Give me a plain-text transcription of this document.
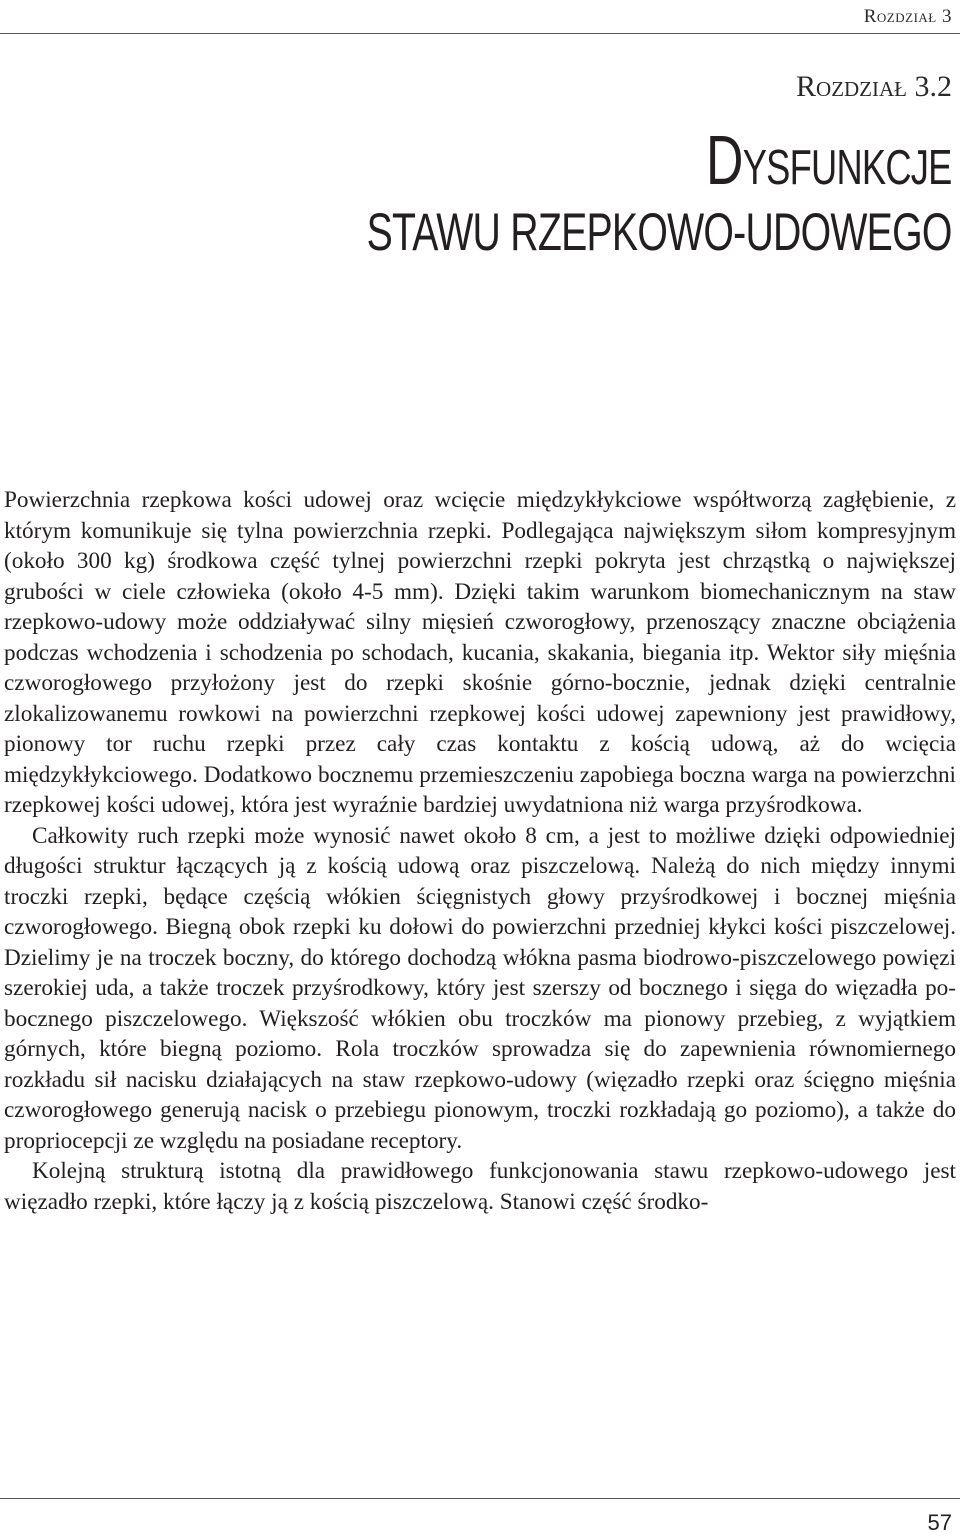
Rozdział 3
Rozdział 3.2
Dysfunkcje
STAWU RZEPKOWO-UDOWEGO

Powierzchnia rzepkowa kości udowej oraz wcięcie międzykłykciowe współtworzą zagłębienie, z którym komunikuje się tylna powierzchnia rzepki. Podlegająca największym siłom kompresyjnym (około 300 kg) środkowa część tylnej powierzchni rzepki pokryta jest chrząstką o największej grubości w ciele człowieka (około 4-5 mm). Dzięki takim warunkom biomechanicznym na staw rzepkowo-udowy może oddziaływać silny mięsień czworogłowy, przenoszący znaczne obciążenia podczas wchodzenia i schodzenia po schodach, kucania, skakania, biegania itp. Wektor siły mięśnia czworogłowego przyłożony jest do rzepki skośnie górno-bocznie, jednak dzięki centralnie zlokalizowanemu rowkowi na powierzchni rzepkowej kości udowej zapewniony jest prawidłowy, pionowy tor ruchu rzepki przez cały czas kontaktu z kością udową, aż do wcięcia międzykłykciowego. Dodatkowo bocznemu przemieszczeniu zapobiega boczna warga na powierzchni rzepkowej kości udowej, która jest wyraźnie bardziej uwydatniona niż warga przyśrodkowa.

Całkowity ruch rzepki może wynosić nawet około 8 cm, a jest to możliwe dzięki odpowiedniej długości struktur łączących ją z kością udową oraz piszczelową. Należą do nich między innymi troczki rzepki, będące częścią włókien ścięgnistych głowy przyśrodkowej i bocznej mięśnia czworogłowego. Biegną obok rzepki ku dołowi do powierzchni przedniej kłykci kości piszczelowej. Dzielimy je na troczek boczny, do którego dochodzą włókna pasma biodrowo-piszczelowego powięzi szerokiej uda, a także troczek przyśrodkowy, który jest szerszy od bocznego i sięga do więzadła pobocznego piszczelowego. Większość włókien obu troczków ma pionowy przebieg, z wyjątkiem górnych, które biegną poziomo. Rola troczków sprowadza się do zapewnienia równomiernego rozkładu sił nacisku działających na staw rzepkowo-udowy (więzadło rzepki oraz ścięgno mięśnia czworogłowego generują nacisk o przebiegu pionowym, troczki rozkładają go poziomo), a także do propriocepcji ze względu na posiadane receptory.

Kolejną strukturą istotną dla prawidłowego funkcjonowania stawu rzepkowo-udowego jest więzadło rzepki, które łączy ją z kością piszczelową. Stanowi część środko-

57
